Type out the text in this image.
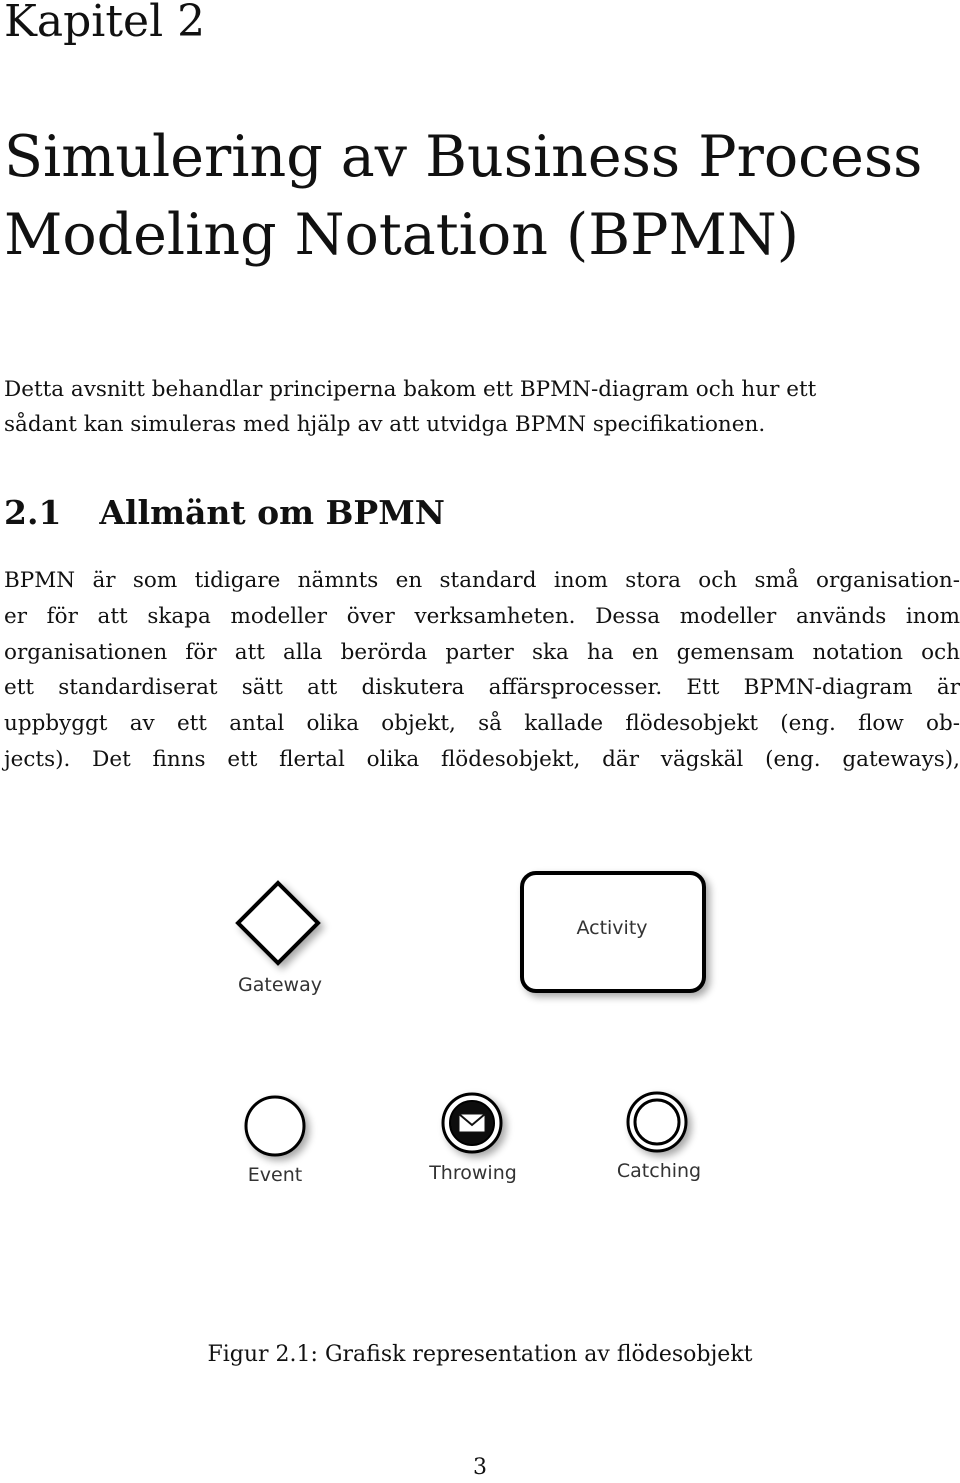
Kapitel 2
Simulering av Business Process
Modeling Notation (BPMN)
Detta avsnitt behandlar principerna bakom ett BPMN-diagram och hur ett
sådant kan simuleras med hjälp av att utvidga BPMN specifikationen.
2.1 Allmänt om BPMN
BPMN är som tidigare nämnts en standard inom stora och små organisation-
er för att skapa modeller över verksamheten. Dessa modeller används inom
organisationen för att alla berörda parter ska ha en gemensam notation och
ett standardiserat sätt att diskutera affärsprocesser. Ett BPMN-diagram är
uppbyggt av ett antal olika objekt, så kallade flödesobjekt (eng. flow ob-
jects). Det finns ett flertal olika flödesobjekt, där vägskäl (eng. gateways),
Gateway
Activity
Event	Throwing	Catching
Figur 2.1: Grafisk representation av flödesobjekt
3
